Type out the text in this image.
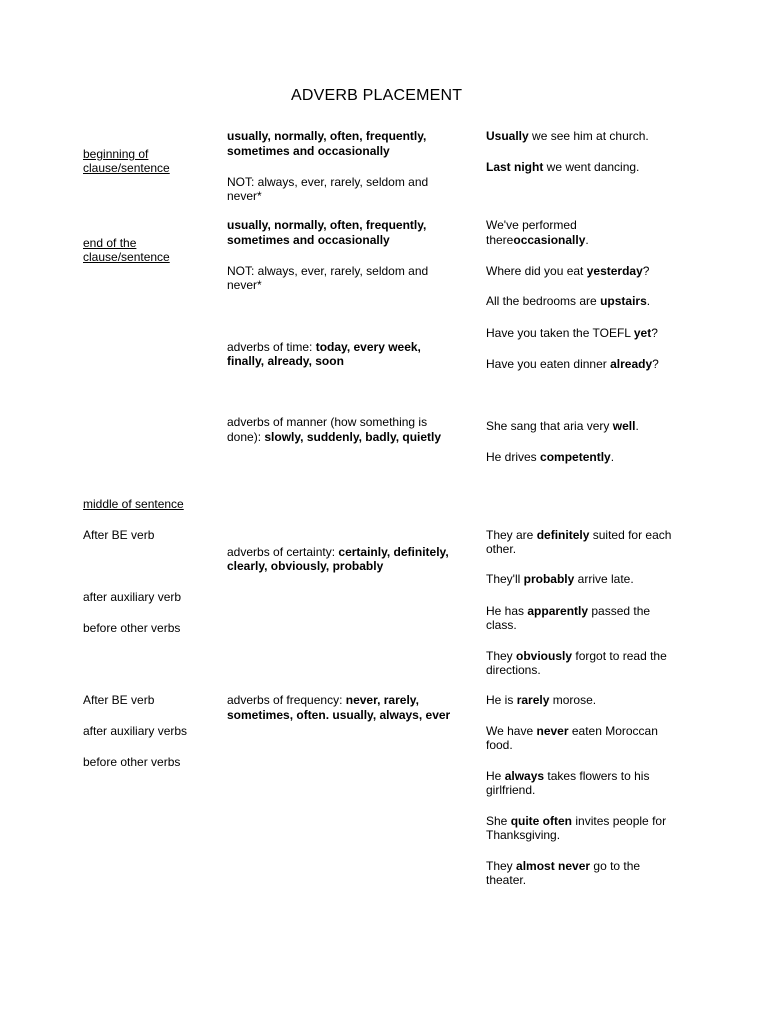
ADVERB PLACEMENT
beginning of
clause/sentence
end of the
clause/sentence
middle of sentence
After BE verb
after auxiliary verb
before other verbs
After BE verb
after auxiliary verbs
before other verbs
usually, normally, often, frequently,
sometimes and occasionally
NOT: always, ever, rarely, seldom and
never*
usually, normally, often, frequently,
sometimes and occasionally
NOT: always, ever, rarely, seldom and
never*
adverbs of time: today, every week,
finally, already, soon
adverbs of manner (how something is
done): slowly, suddenly, badly, quietly
adverbs of certainty: certainly, definitely,
clearly, obviously, probably
adverbs of frequency: never, rarely,
sometimes, often. usually, always, ever
Usually we see him at church.
Last night we went dancing.
We've performed
thereoccasionally.
Where did you eat yesterday?
All the bedrooms are upstairs.
Have you taken the TOEFL yet?
Have you eaten dinner already?
She sang that aria very well.
He drives competently.
They are definitely suited for each
other.
They'll probably arrive late.
He has apparently passed the
class.
They obviously forgot to read the
directions.
He is rarely morose.
We have never eaten Moroccan
food.
He always takes flowers to his
girlfriend.
She quite often invites people for
Thanksgiving.
They almost never go to the
theater.
